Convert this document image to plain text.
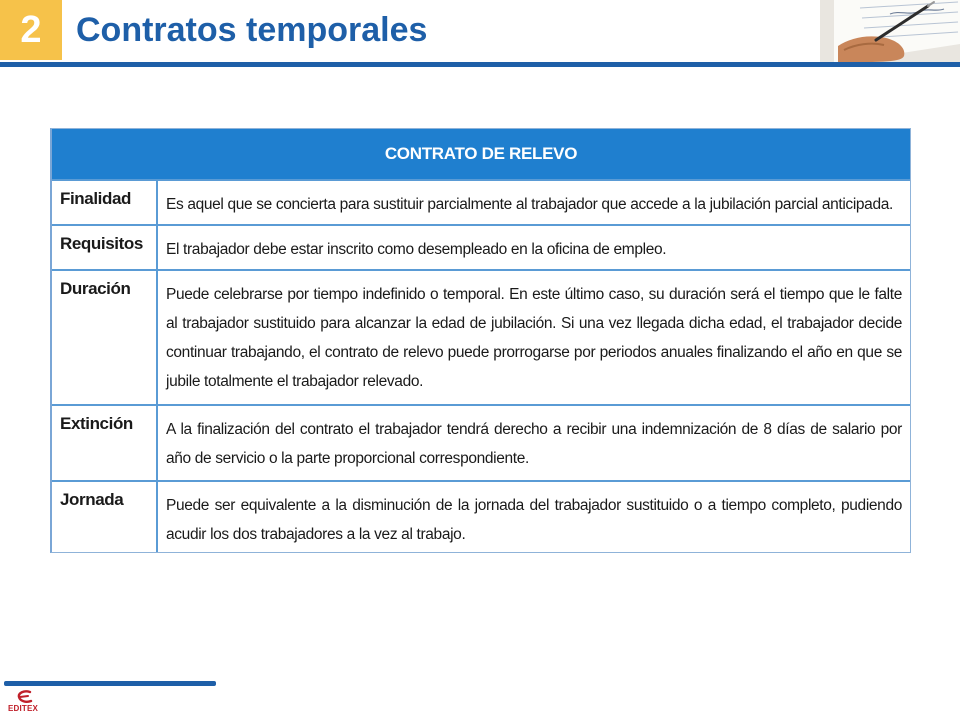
2	Contratos temporales
CONTRATO DE RELEVO
Finalidad	Es aquel que se concierta para sustituir parcialmente al trabajador que accede a la jubilación parcial anticipada.
Requisitos	El trabajador debe estar inscrito como desempleado en la oficina de empleo.
Duración	Puede celebrarse por tiempo indefinido o temporal. En este último caso, su duración será el tiempo que le falte al trabajador sustituido para alcanzar la edad de jubilación. Si una vez llegada dicha edad, el trabajador decide continuar trabajando, el contrato de relevo puede prorrogarse por periodos anuales finalizando el año en que se jubile totalmente el trabajador relevado.
Extinción	A la finalización del contrato el trabajador tendrá derecho a recibir una indemnización de 8 días de salario por año de servicio o la parte proporcional correspondiente.
Jornada	Puede ser equivalente a la disminución de la jornada del trabajador sustituido o a tiempo completo, pudiendo acudir los dos trabajadores a la vez al trabajo.
EDITEX
